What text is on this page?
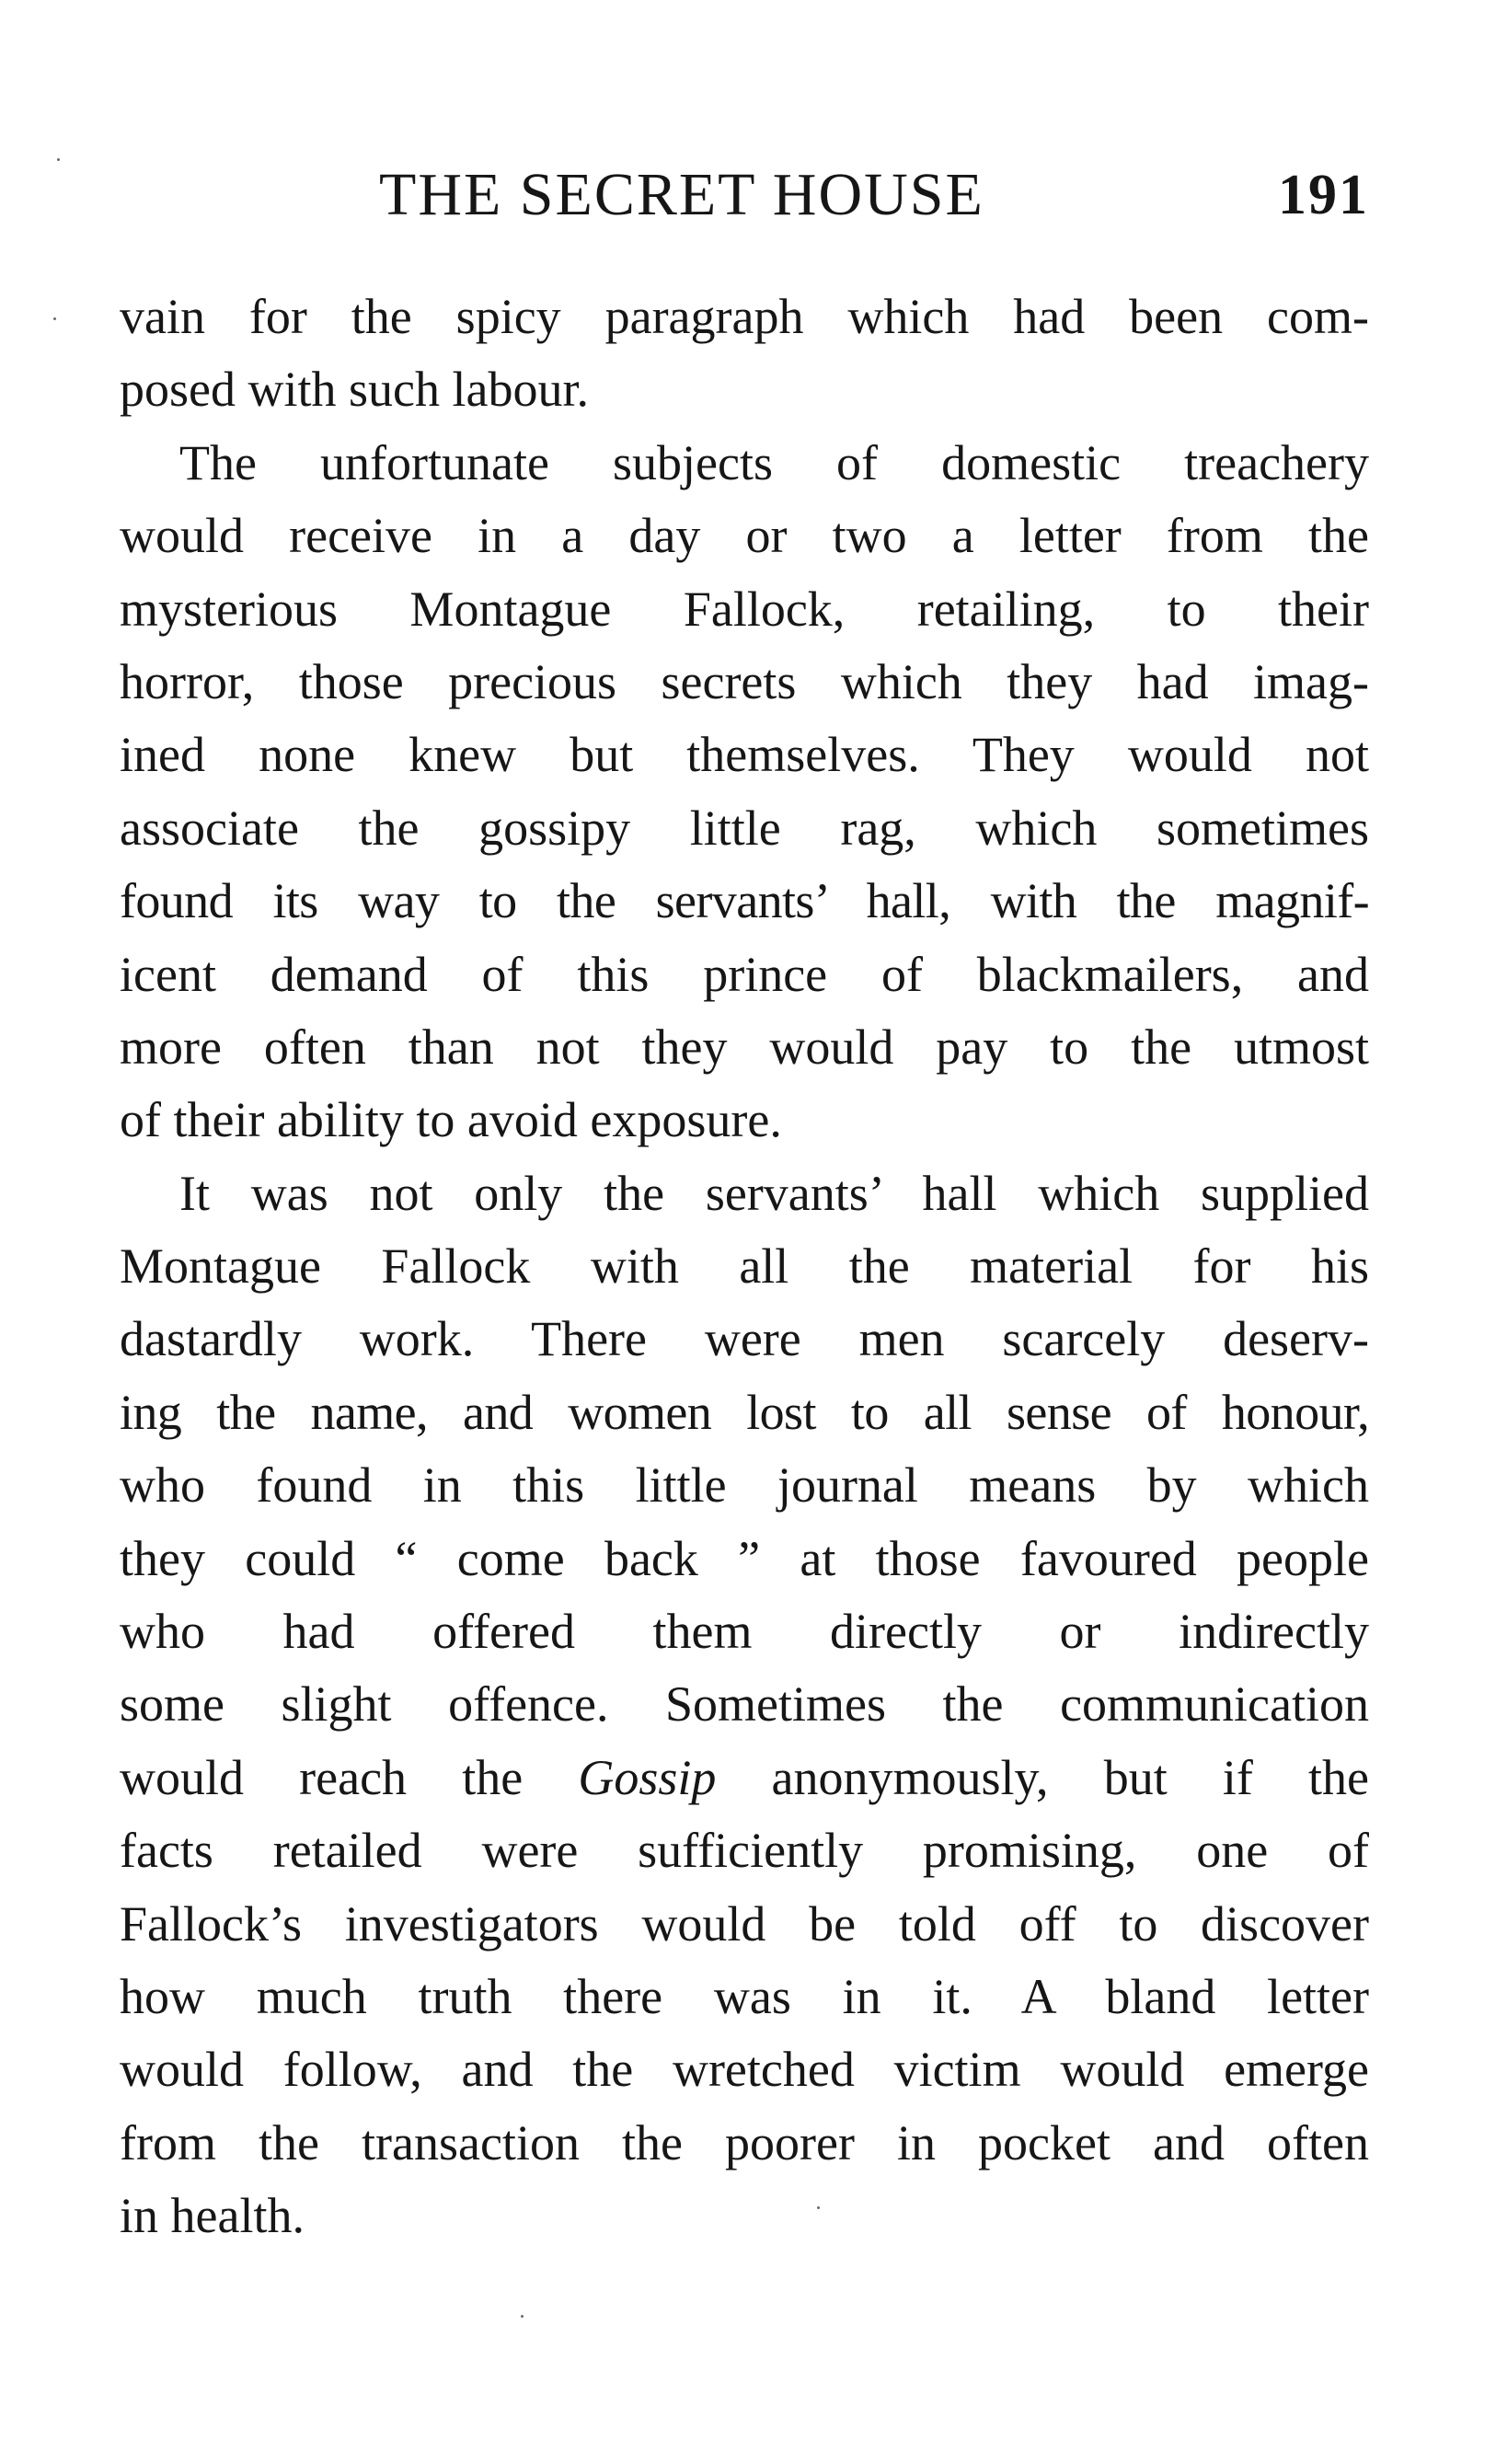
THE SECRET HOUSE	191
vain for the spicy paragraph which had been com-
posed with such labour.
The unfortunate subjects of domestic treachery
would receive in a day or two a letter from the
mysterious Montague Fallock, retailing, to their
horror, those precious secrets which they had imag-
ined none knew but themselves. They would not
associate the gossipy little rag, which sometimes
found its way to the servants’ hall, with the magnif-
icent demand of this prince of blackmailers, and
more often than not they would pay to the utmost
of their ability to avoid exposure.
It was not only the servants’ hall which supplied
Montague Fallock with all the material for his
dastardly work. There were men scarcely deserv-
ing the name, and women lost to all sense of honour,
who found in this little journal means by which
they could “ come back ” at those favoured people
who had offered them directly or indirectly
some slight offence. Sometimes the communication
would reach the Gossip anonymously, but if the
facts retailed were sufficiently promising, one of
Fallock’s investigators would be told off to discover
how much truth there was in it. A bland letter
would follow, and the wretched victim would emerge
from the transaction the poorer in pocket and often
in health.
